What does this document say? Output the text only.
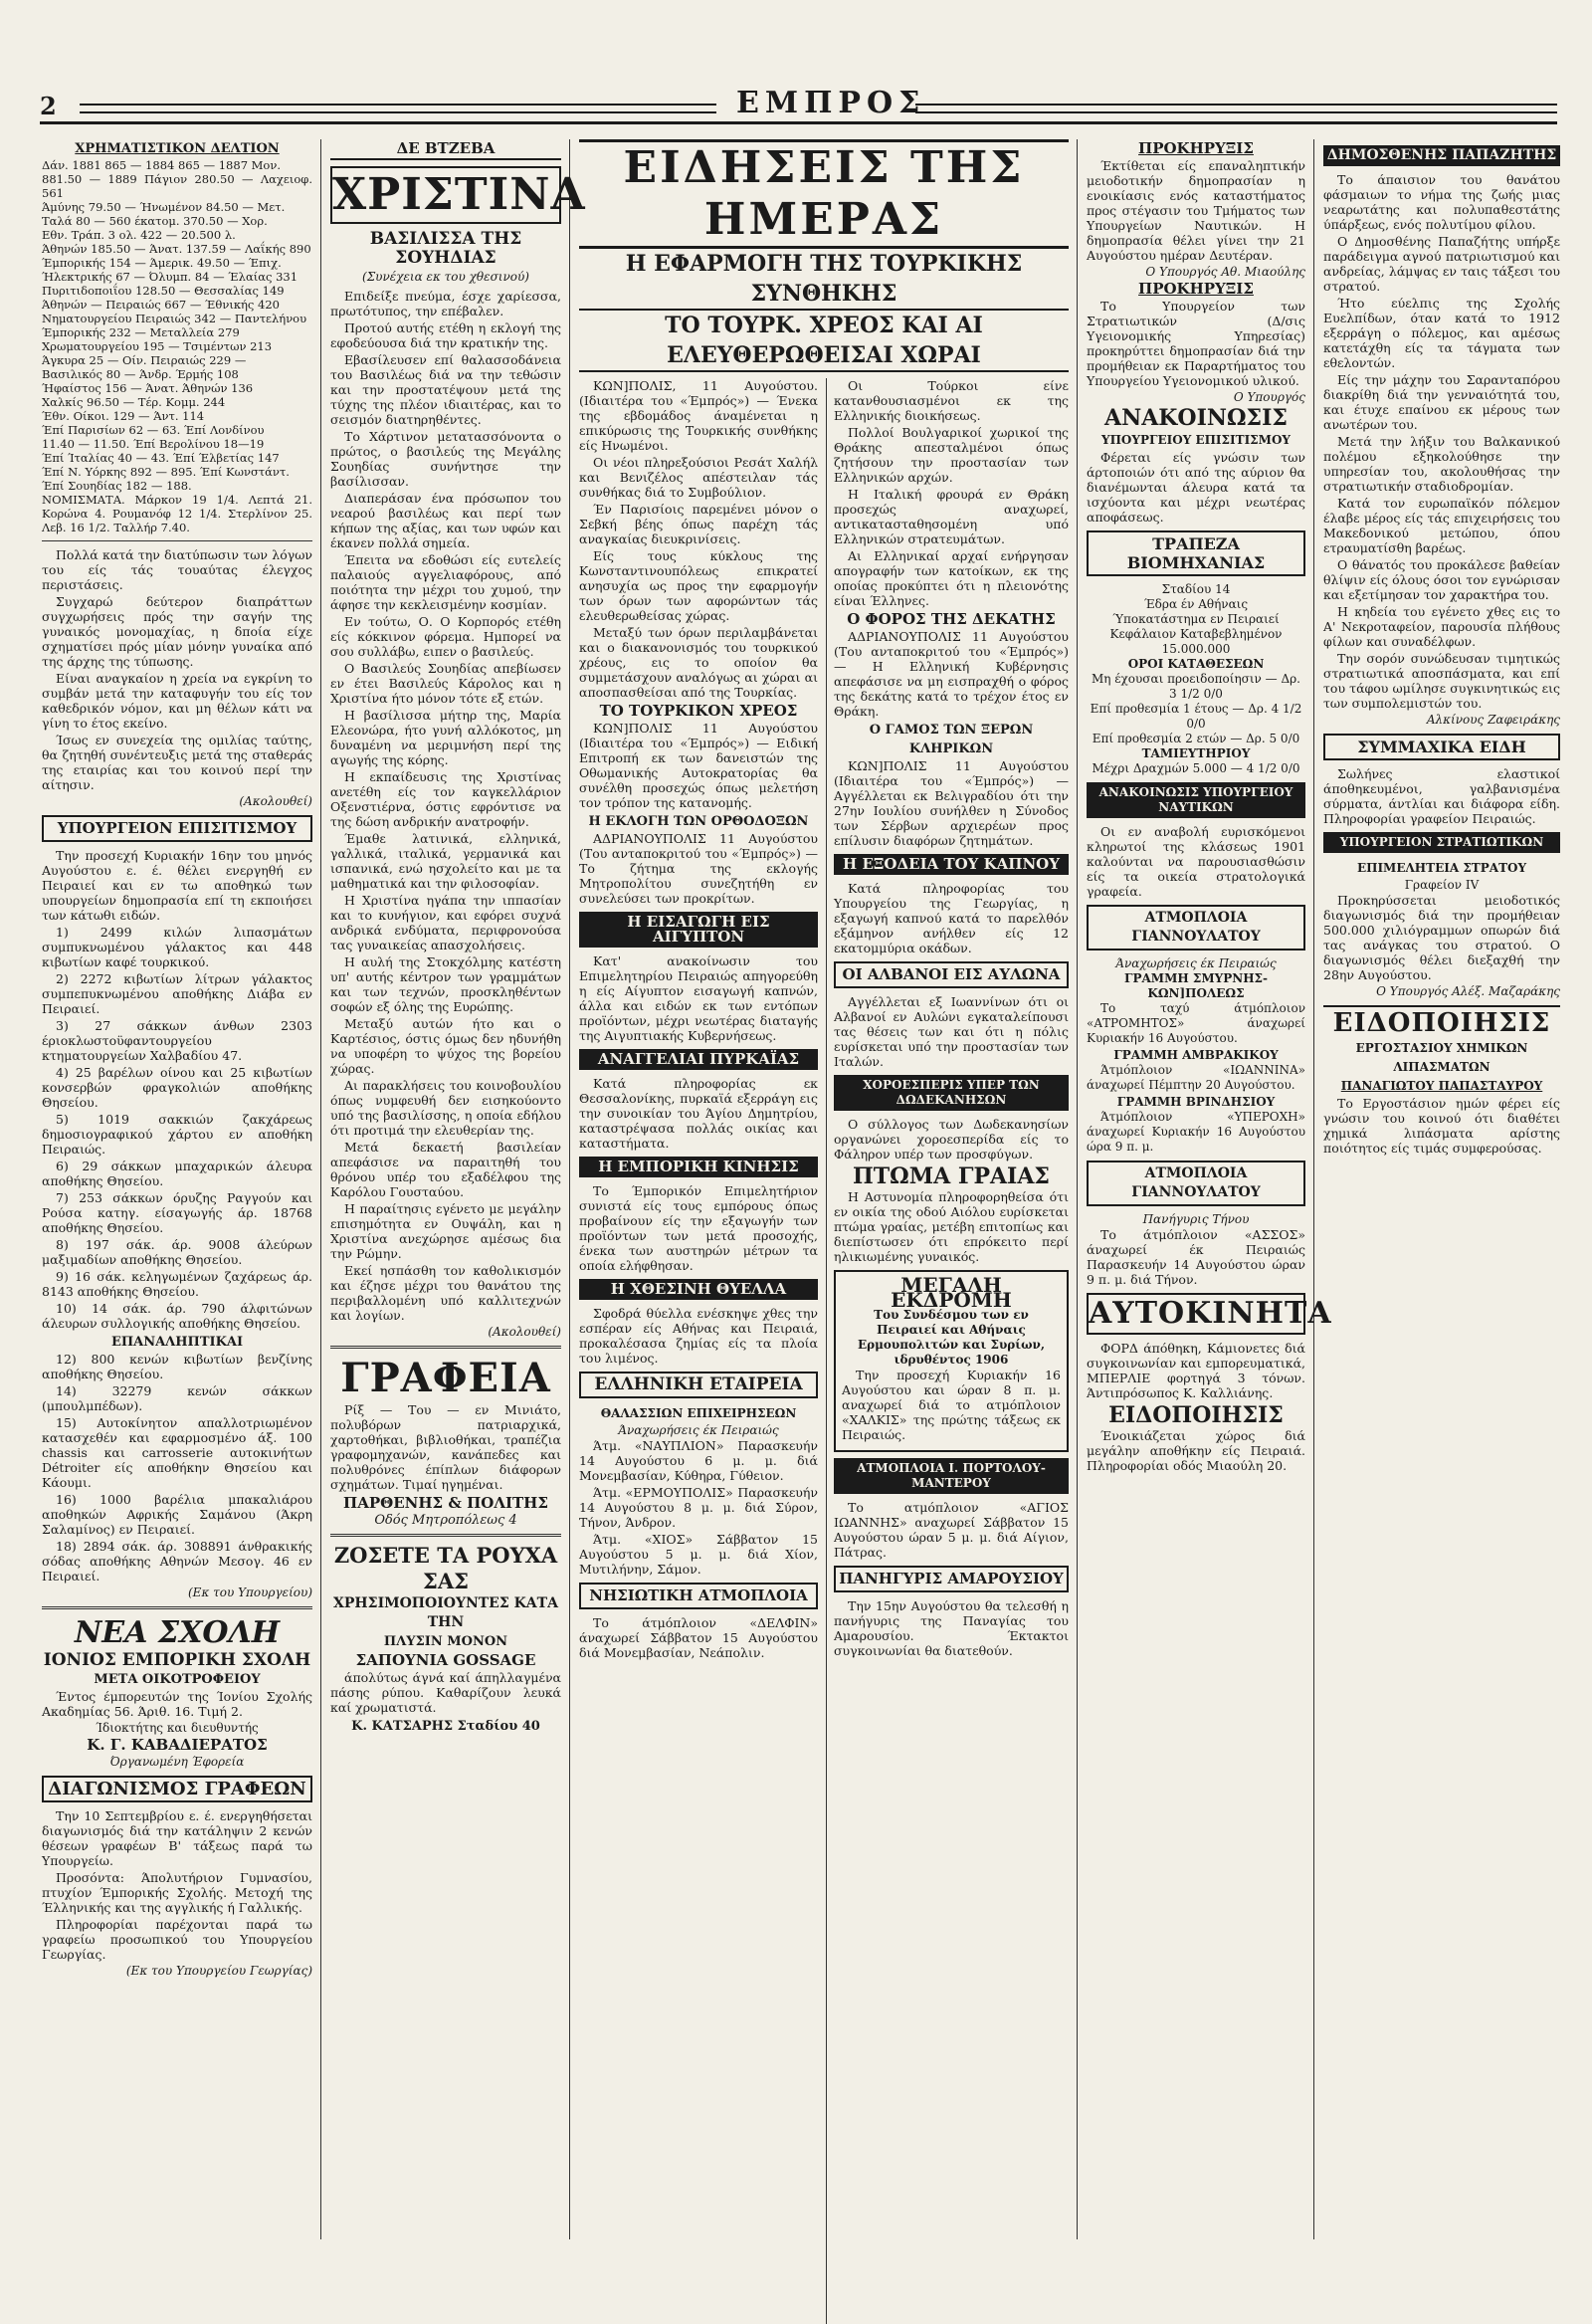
2	ΕΜΠΡΟΣ
ΧΡΗΜΑΤΙΣΤΙΚΟΝ ΔΕΛΤΙΟΝ
Δάν. 1881 865 — 1884 865 — 1887 Μον.
881.50 — 1889 Πάγιον 280.50 — Λαχειοφ. 561
Άμύνης 79.50 — Ήνωμένον 84.50 — Μετ.
Ταλά 80 — 560 έκατομ. 370.50 — Χορ.
Εθν. Τράπ. 3 ολ. 422 — 20.500 λ.
Άθηνών 185.50 — Άνατ. 137.59 — Λαΐκής 890
Έμπορικής 154 — Άμερικ. 49.50 — Έπιχ.
Ήλεκτρικής 67 — Όλυμπ. 84 — Έλαίας 331
Πυριτιδοποιΐου 128.50 — Θεσσαλίας 149
Άθηνών — Πειραιώς 667 — Έθνικής 420
Νηματουργείου Πειραιώς 342 — Παντελήνου
Έμπορικής 232 — Μεταλλεία 279
Χρωματουργείου 195 — Τσιμέντων 213
Άγκυρα 25 — Οίν. Πειραιώς 229 —
Βασιλικός 80 — Άνδρ. Έρμής 108
Ήφαίστος 156 — Άνατ. Άθηνών 136
Χαλκίς 96.50 — Τέρ. Κομμ. 244
Έθν. Οίκοι. 129 — Άντ. 114
Έπί Παρισίων 62 — 63. Έπί Λονδίνου
11.40 — 11.50. Έπί Βερολίνου 18—19
Έπί Ίταλίας 40 — 43. Έπί Έλβετίας 147
Έπί Ν. Υόρκης 892 — 895. Έπί Κωνστάντ.
Έπί Σουηδίας 182 — 188.
ΝΟΜΙΣΜΑΤΑ. Μάρκον 19 1/4. Λεπτά 21. Κορώνα 4. Ρουμανόφ 12 1/4. Στερλίνον 25. Λεβ. 16 1/2. Ταλλήρ 7.40.

Πολλά κατά την διατύπωσιν των λόγων του είς τάς τουαύτας έλεγχος περιστάσεις.

Συγχαρώ δεύτερον διαπράττων συγχωρήσεις πρός την σαγήν της γυναικός μονομαχίας, η δποία είχε σχηματίσει πρός μίαν μόνην γυναίκα από της άρχης της τύπωσης.

Είναι αναγκαίον η χρεία να εγκρίνη το συμβάν μετά την καταφυγήν του είς τον καθεδρικόν νόμον, και μη θέλων κάτι να γίνη το έτος εκείνο.

Ίσως εν συνεχεία της ομιλίας ταύτης, θα ζητηθή συνέντευξις μετά της σταθεράς της εταιρίας και του κοινού περί την αίτησιν.

(Ακολουθεί)
ΥΠΟΥΡΓΕΙΟΝ ΕΠΙΣΙΤΙΣΜΟΥ

Την προσεχή Κυριακήν 16ην του μηνός Αυγούστου ε. έ. θέλει ενεργηθή εν Πειραιεί και εν τω αποθηκώ των υπουργείων δημοπρασία επί τη εκποιήσει των κάτωθι ειδών.

1) 2499 κιλών λιπασμάτων συμπυκνωμένου γάλακτος και 448 κιβωτίων καφέ τουρκικού.

2) 2272 κιβωτίων λίτρων γάλακτος συμπεπυκνωμένου αποθήκης Διάβα εν Πειραιεί.

3) 27 σάκκων άνθων 2303 έριοκλωστοϋφαντουργείου κτηματουργείων Χαλβαδίου 47.

4) 25 βαρέλων οίνου και 25 κιβωτίων κονσερβών φραγκολιών αποθήκης Θησείου.

5) 1019 σακκιών ζακχάρεως δημοσιογραφικού χάρτου εν αποθήκη Πειραιώς.

6) 29 σάκκων μπαχαρικών άλευρα αποθήκης Θησείου.

7) 253 σάκκων όρυζης Ραγγούν και Ρούσα κατηγ. είσαγωγής άρ. 18768 αποθήκης Θησείου.

8) 197 σάκ. άρ. 9008 άλεύρων μαξιμαδίων αποθήκης Θησείου.

9) 16 σάκ. κεληγωμένων ζαχάρεως άρ. 8143 αποθήκης Θησείου.

10) 14 σάκ. άρ. 790 άλφιτώνων άλευρων συλλογικής αποθήκης Θησείου.

ΕΠΑΝΑΛΗΠΤΙΚΑΙ

12) 800 κενών κιβωτίων βενζίνης αποθήκης Θησείου.

14) 32279 κενών σάκκων (μπουλμπέδων).

15) Αυτοκίνητον απαλλοτριωμένον κατασχεθέν και εφαρμοσμένο άξ. 100 chassis και carrosserie αυτοκινήτων Détroiter είς αποθήκην Θησείου και Κάουμι.

16) 1000 βαρέλια μπακαλιάρου αποθηκών Αφρικής Σαμάνου (Άκρη Σαλαμίνος) εν Πειραιεί.

18) 2894 σάκ. άρ. 308891 άνθρακικής σόδας αποθήκης Αθηνών Μεσογ. 46 εν Πειραιεί.

(Εκ του Υπουργείου)
ΝΕΑ ΣΧΟΛΗ
ΙΟΝΙΟΣ ΕΜΠΟΡΙΚΗ ΣΧΟΛΗ
ΜΕΤΑ ΟΙΚΟΤΡΟΦΕΙΟΥ

Έντος έμπορευτών της Ίονίου Σχολής Ακαδημίας 56. Άριθ. 16. Τιμή 2.

Ίδιοκτήτης και διευθυντής
Κ. Γ. ΚΑΒΑΔΙΕΡΑΤΟΣ
Όργανωμένη Έφορεία
ΔΙΑΓΩΝΙΣΜΟΣ ΓΡΑΦΕΩΝ

Την 10 Σεπτεμβρίου ε. έ. ενεργηθήσεται διαγωνισμός διά την κατάληψιν 2 κενών θέσεων γραφέων Β' τάξεως παρά τω Υπουργείω.

Προσόντα: Άπολυτήριον Γυμνασίου, πτυχίον Έμπορικής Σχολής. Μετοχή της Έλληνικής και της αγγλικής ή Γαλλικής.

Πληροφορίαι παρέχονται παρά τω γραφείω προσωπικού του Υπουργείου Γεωργίας.

(Εκ του Υπουργείου Γεωργίας)
ΔΕ ΒΤΖΕΒΑ
ΧΡΙΣΤΙΝΑ
ΒΑΣΙΛΙΣΣΑ ΤΗΣ ΣΟΥΗΔΙΑΣ
(Συνέχεια εκ του χθεσινού)

Επιδείξε πνεύμα, έσχε χαρίεσσα, πρωτότυπος, την επέβαλεν.

Προτού αυτής ετέθη η εκλογή της εφοδεύουσα διά την κρατικήν της.

Εβασίλευσεν επί θαλασσοδάνεια του Βασιλέως διά να την τεθώσιν και την προστατέψουν μετά της τύχης της πλέον ιδιαιτέρας, και το σεισμόν διατηρηθέντες.

Το Χάρτινον μετατασσόνοντα ο πρώτος, ο βασιλεύς της Μεγάλης Σουηδίας συνήντησε την βασίλισσαν.

Διαπεράσαν ένα πρόσωπον του νεαρού βασιλέως και περί των κήπων της αξίας, και των υφών και έκανεν πολλά σημεία.

Έπειτα να εδοθώσι είς ευτελείς παλαιούς αγγελιαφόρους, από ποιότητα την μέχρι του χυμού, την άφησε την κεκλεισμένην κοσμίαν.

Εν τούτω, Ο. Ο Κορπορός ετέθη είς κόκκινον φόρεμα. Ημπορεί να σου συλλάβω, ειπεν ο βασιλεύς.

Ο Βασιλεύς Σουηδίας απεβίωσεν εν έτει Βασιλεύς Κάρολος και η Χριστίνα ήτο μόνον τότε εξ ετών.

Η βασίλισσα μήτηρ της, Μαρία Ελεονώρα, ήτο γυνή αλλόκοτος, μη δυναμένη να μεριμνήση περί της αγωγής της κόρης.

Η εκπαίδευσις της Χριστίνας ανετέθη είς τον καγκελλάριον Οξενστιέρνα, όστις εφρόντισε να της δώση ανδρικήν ανατροφήν.

Έμαθε λατινικά, ελληνικά, γαλλικά, ιταλικά, γερμανικά και ισπανικά, ενώ ησχολείτο και με τα μαθηματικά και την φιλοσοφίαν.

Η Χριστίνα ηγάπα την ιππασίαν και το κυνήγιον, και εφόρει συχνά ανδρικά ενδύματα, περιφρονούσα τας γυναικείας απασχολήσεις.

Η αυλή της Στοκχόλμης κατέστη υπ' αυτής κέντρον των γραμμάτων και των τεχνών, προσκληθέντων σοφών εξ όλης της Ευρώπης.

Μεταξύ αυτών ήτο και ο Καρτέσιος, όστις όμως δεν ηδυνήθη να υποφέρη το ψύχος της βορείου χώρας.

Αι παρακλήσεις του κοινοβουλίου όπως νυμφευθή δεν εισηκούοντο υπό της βασιλίσσης, η οποία εδήλου ότι προτιμά την ελευθερίαν της.

Μετά δεκαετή βασιλείαν απεφάσισε να παραιτηθή του θρόνου υπέρ του εξαδέλφου της Καρόλου Γουσταύου.

Η παραίτησις εγένετο με μεγάλην επισημότητα εν Ουψάλη, και η Χριστίνα ανεχώρησε αμέσως δια την Ρώμην.

Εκεί ησπάσθη τον καθολικισμόν και έζησε μέχρι του θανάτου της περιβαλλομένη υπό καλλιτεχνών και λογίων.

(Ακολουθεί)
ΓΡΑΦΕΙΑ

Ρίξ — Του — εν Μινιάτο, πολυβόρων πατριαρχικά, χαρτοθήκαι, βιβλιοθήκαι, τραπέζια γραφομηχανών, κανάπεδες και πολυθρόνες έπίπλων διάφορων σχημάτων. Τιμαί ηγημέναι.

ΠΑΡΘΕΝΗΣ & ΠΟΛΙΤΗΣ
Οδός Μητροπόλεως 4
ΖΟΣΕΤΕ ΤΑ ΡΟΥΧΑ ΣΑΣ
ΧΡΗΣΙΜΟΠΟΙΟΥΝΤΕΣ ΚΑΤΑ ΤΗΝ
ΠΛΥΣΙΝ ΜΟΝΟΝ
ΣΑΠΟΥΝΙΑ GOSSAGE

άπολύτως άγνά καί άπηλλαγμένα πάσης ρύπου. Καθαρίζουν λευκά καί χρωματιστά.

Κ. ΚΑΤΣΑΡΗΣ Σταδίου 40
ΕΙΔΗΣΕΙΣ ΤΗΣ ΗΜΕΡΑΣ
Η ΕΦΑΡΜΟΓΗ ΤΗΣ ΤΟΥΡΚΙΚΗΣ ΣΥΝΘΗΚΗΣ
ΤΟ ΤΟΥΡΚ. ΧΡΕΟΣ ΚΑΙ ΑΙ ΕΛΕΥΘΕΡΩΘΕΙΣΑΙ ΧΩΡΑΙ

ΚΩΝ]ΠΟΛΙΣ, 11 Αυγούστου. (Ιδιαιτέρα του «Έμπρός») — Ένεκα της εβδομάδος άναμένεται η επικύρωσις της Τουρκικής συνθήκης είς Ηνωμένοι.

Οι νέοι πληρεξούσιοι Ρεσάτ Χαλήλ και Βενιζέλος απέστειλαν τάς συνθήκας διά το Συμβούλιον.

Έν Παρισίοις παρεμένει μόνον ο Σεβκή βέης όπως παρέχη τάς αναγκαίας διευκρινίσεις.

Είς τους κύκλους της Κωνσταντινουπόλεως επικρατεί ανησυχία ως προς την εφαρμογήν των όρων των αφορώντων τάς ελευθερωθείσας χώρας.

Μεταξύ των όρων περιλαμβάνεται και ο διακανονισμός του τουρκικού χρέους, εις το οποίον θα συμμετάσχουν αναλόγως αι χώραι αι αποσπασθείσαι από της Τουρκίας.

ΤΟ ΤΟΥΡΚΙΚΟΝ ΧΡΕΟΣ

ΚΩΝ]ΠΟΛΙΣ 11 Αυγούστου (Ιδιαιτέρα του «Έμπρός») — Ειδική Επιτροπή εκ των δανειστών της Οθωμανικής Αυτοκρατορίας θα συνέλθη προσεχώς όπως μελετήση τον τρόπον της κατανομής.

Η ΕΚΛΟΓΗ ΤΩΝ ΟΡΘΟΔΟΞΩΝ

ΑΔΡΙΑΝΟΥΠΟΛΙΣ 11 Αυγούστου (Του ανταποκριτού του «Έμπρός») — Το ζήτημα της εκλογής Μητροπολίτου συνεζητήθη εν συνελεύσει των προκρίτων.

Η ΕΙΣΑΓΩΓΗ ΕΙΣ ΑΙΓΥΠΤΟΝ

Κατ' ανακοίνωσιν του Επιμελητηρίου Πειραιώς απηγορεύθη η είς Αίγυπτον εισαγωγή καπνών, άλλα και ειδών εκ των εντόπων προϊόντων, μέχρι νεωτέρας διαταγής της Αιγυπτιακής Κυβερνήσεως.

ΑΝΑΓΓΕΛΙΑΙ ΠΥΡΚΑΪΑΣ

Κατά πληροφορίας εκ Θεσσαλονίκης, πυρκαϊά εξερράγη εις την συνοικίαν του Άγίου Δημητρίου, καταστρέψασα πολλάς οικίας και καταστήματα.

Η ΕΜΠΟΡΙΚΗ ΚΙΝΗΣΙΣ

Το Έμπορικόν Επιμελητήριον συνιστά είς τους εμπόρους όπως προβαίνουν είς την εξαγωγήν των προϊόντων των μετά προσοχής, ένεκα των αυστηρών μέτρων τα οποία ελήφθησαν.

Η ΧΘΕΣΙΝΗ ΘΥΕΛΛΑ

Σφοδρά θύελλα ενέσκηψε χθες την εσπέραν είς Αθήνας και Πειραιά, προκαλέσασα ζημίας είς τα πλοία του λιμένος.

ΕΛΛΗΝΙΚΗ ΕΤΑΙΡΕΙΑ
ΘΑΛΑΣΣΙΩΝ ΕΠΙΧΕΙΡΗΣΕΩΝ
Άναχωρήσεις έκ Πειραιώς

Άτμ. «ΝΑΥΠΛΙΟΝ» Παρασκευήν 14 Αυγούστου 6 μ. μ. διά Μονεμβασίαν, Κύθηρα, Γύθειον.

Άτμ. «ΕΡΜΟΥΠΟΛΙΣ» Παρασκευήν 14 Αυγούστου 8 μ. μ. διά Σύρον, Τήνον, Άνδρον.

Άτμ. «ΧΙΟΣ» Σάββατον 15 Αυγούστου 5 μ. μ. διά Χίον, Μυτιλήνην, Σάμον.

ΝΗΣΙΩΤΙΚΗ ΑΤΜΟΠΛΟΙΑ

Το άτμόπλοιον «ΔΕΛΦΙΝ» άναχωρεί Σάββατον 15 Αυγούστου διά Μονεμβασίαν, Νεάπολιν.

Οι Τούρκοι είνε κατανθουσιασμένοι εκ της Ελληνικής διοικήσεως.

Πολλοί Βουλγαρικοί χωρικοί της Θράκης απεσταλμένοι όπως ζητήσουν την προστασίαν των Ελληνικών αρχών.

Η Ιταλική φρουρά εν Θράκη προσεχώς αναχωρεί, αντικατασταθησομένη υπό Ελληνικών στρατευμάτων.

Αι Ελληνικαί αρχαί ενήργησαν απογραφήν των κατοίκων, εκ της οποίας προκύπτει ότι η πλειονότης είναι Έλληνες.

Ο ΦΟΡΟΣ ΤΗΣ ΔΕΚΑΤΗΣ

ΑΔΡΙΑΝΟΥΠΟΛΙΣ 11 Αυγούστου (Του ανταποκριτού του «Έμπρός») — Η Ελληνική Κυβέρνησις απεφάσισε να μη εισπραχθή ο φόρος της δεκάτης κατά το τρέχον έτος εν Θράκη.

Ο ΓΑΜΟΣ ΤΩΝ ΞΕΡΩΝ ΚΛΗΡΙΚΩΝ

ΚΩΝ]ΠΟΛΙΣ 11 Αυγούστου (Ιδιαιτέρα του «Έμπρός») — Αγγέλλεται εκ Βελιγραδίου ότι την 27ην Ιουλίου συνήλθεν η Σύνοδος των Σέρβων αρχιερέων προς επίλυσιν διαφόρων ζητημάτων.

Η ΕΞΟΔΕΙΑ ΤΟΥ ΚΑΠΝΟΥ

Κατά πληροφορίας του Υπουργείου της Γεωργίας, η εξαγωγή καπνού κατά το παρελθόν εξάμηνον ανήλθεν είς 12 εκατομμύρια οκάδων.

ΟΙ ΑΛΒΑΝΟΙ ΕΙΣ ΑΥΛΩΝΑ

Αγγέλλεται εξ Ιωαννίνων ότι οι Αλβανοί εν Αυλώνι εγκαταλείπουσι τας θέσεις των και ότι η πόλις ευρίσκεται υπό την προστασίαν των Ιταλών.

ΧΟΡΟΕΣΠΕΡΙΣ ΥΠΕΡ ΤΩΝ ΔΩΔΕΚΑΝΗΣΩΝ

Ο σύλλογος των Δωδεκανησίων οργανώνει χοροεσπερίδα είς το Φάληρον υπέρ των προσφύγων.

ΠΤΩΜΑ ΓΡΑΙΑΣ

Η Αστυνομία πληροφορηθείσα ότι εν οικία της οδού Αιόλου ευρίσκεται πτώμα γραίας, μετέβη επιτοπίως και διεπίστωσεν ότι επρόκειτο περί ηλικιωμένης γυναικός.

ΜΕΓΑΛΗ ΕΚΔΡΟΜΗ
Του Συνδέσμου των εν Πειραιεί και Αθήναις Ερμουπολιτών και Συρίων, ιδρυθέντος 1906

Την προσεχή Κυριακήν 16 Αυγούστου και ώραν 8 π. μ. αναχωρεί διά το ατμόπλοιον «ΧΑΛΚΙΣ» της πρώτης τάξεως εκ Πειραιώς.

ΑΤΜΟΠΛΟΙΑ Ι. ΠΟΡΤΟΛΟΥ-ΜΑΝΤΕΡΟΥ

Το ατμόπλοιον «ΑΓΙΟΣ ΙΩΑΝΝΗΣ» αναχωρεί Σάββατον 15 Αυγούστου ώραν 5 μ. μ. διά Αίγιον, Πάτρας.

ΠΑΝΗΓΥΡΙΣ ΑΜΑΡΟΥΣΙΟΥ

Την 15ην Αυγούστου θα τελεσθή η πανήγυρις της Παναγίας του Αμαρουσίου. Έκτακτοι συγκοινωνίαι θα διατεθούν.

ΠΡΟΚΗΡΥΞΙΣ

Έκτίθεται είς επαναληπτικήν μειοδοτικήν δημοπρασίαν η ενοικίασις ενός καταστήματος προς στέγασιν του Τμήματος των Υπουργείων Ναυτικών. Η δημοπρασία θέλει γίνει την 21 Αυγούστου ημέραν Δευτέραν.

Ο Υπουργός Αθ. Μιαούλης
ΠΡΟΚΗΡΥΞΙΣ

Το Υπουργείον των Στρατιωτικών (Δ/σις Υγειονομικής Υπηρεσίας) προκηρύττει δημοπρασίαν διά την προμήθειαν εκ Παραρτήματος του Υπουργείου Υγειονομικού υλικού.

Ο Υπουργός
ΑΝΑΚΟΙΝΩΣΙΣ
ΥΠΟΥΡΓΕΙΟΥ ΕΠΙΣΙΤΙΣΜΟΥ

Φέρεται είς γνώσιν των άρτοποιών ότι από της αύριον θα διανέμωνται άλευρα κατά τα ισχύοντα και μέχρι νεωτέρας αποφάσεως.

ΤΡΑΠΕΖΑ ΒΙΟΜΗΧΑΝΙΑΣ
Σταδίου 14
Έδρα έν Αθήναις
Ύποκατάστημα εν Πειραιεί
Κεφάλαιον Καταβεβλημένον 15.000.000
ΟΡΟΙ ΚΑΤΑΘΕΣΕΩΝ
Μη έχουσαι προειδοποίησιν — Δρ. 3 1/2 0/0
Επί προθεσμία 1 έτους — Δρ. 4 1/2 0/0
Επί προθεσμία 2 ετών — Δρ. 5 0/0
ΤΑΜΙΕΥΤΗΡΙΟΥ
Μέχρι Δραχμών 5.000 — 4 1/2 0/0
ΑΝΑΚΟΙΝΩΣΙΣ ΥΠΟΥΡΓΕΙΟΥ ΝΑΥΤΙΚΩΝ

Οι εν αναβολή ευρισκόμενοι κληρωτοί της κλάσεως 1901 καλούνται να παρουσιασθώσιν είς τα οικεία στρατολογικά γραφεία.

ΑΤΜΟΠΛΟΙΑ ΓΙΑΝΝΟΥΛΑΤΟΥ
Άναχωρήσεις έκ Πειραιώς
ΓΡΑΜΜΗ ΣΜΥΡΝΗΣ-ΚΩΝ]ΠΟΛΕΩΣ

Το ταχύ άτμόπλοιον «ΑΤΡΟΜΗΤΟΣ» άναχωρεί Κυριακήν 16 Αυγούστου.

ΓΡΑΜΜΗ ΑΜΒΡΑΚΙΚΟΥ

Άτμόπλοιον «ΙΩΑΝΝΙΝΑ» άναχωρεί Πέμπτην 20 Αυγούστου.

ΓΡΑΜΜΗ ΒΡΙΝΔΗΣΙΟΥ

Άτμόπλοιον «ΥΠΕΡΟΧΗ» άναχωρεί Κυριακήν 16 Αυγούστου ώρα 9 π. μ.

ΑΤΜΟΠΛΟΙΑ ΓΙΑΝΝΟΥΛΑΤΟΥ
Πανήγυρις Τήνου

Το άτμόπλοιον «ΑΣΣΟΣ» άναχωρεί έκ Πειραιώς Παρασκευήν 14 Αυγούστου ώραν 9 π. μ. διά Τήνον.

ΑΥΤΟΚΙΝΗΤΑ

ΦΟΡΔ άπόθηκη, Κάμιονετες διά συγκοινωνίαν και εμπορευματικά, ΜΠΕΡΛΙΕ φορτηγά 3 τόνων. Άντιπρόσωπος Κ. Καλλιάνης.

ΕΙΔΟΠΟΙΗΣΙΣ

Ένοικιάζεται χώρος διά μεγάλην αποθήκην είς Πειραιά. Πληροφορίαι οδός Μιαούλη 20.

ΔΗΜΟΣΘΕΝΗΣ ΠΑΠΑΖΗΤΗΣ

Το άπαισιον του θανάτου φάσμαιων το νήμα της ζωής μιας νεαρωτάτης και πολυπαθεστάτης ύπάρξεως, ενός πολυτίμου φίλου.

Ο Δημοσθένης Παπαζήτης υπήρξε παράδειγμα αγνού πατριωτισμού και ανδρείας, λάμψας εν ταις τάξεσι του στρατού.

Ήτο εύελπις της Σχολής Ευελπίδων, όταν κατά το 1912 εξερράγη ο πόλεμος, και αμέσως κατετάχθη είς τα τάγματα των εθελοντών.

Είς την μάχην του Σαρανταπόρου διακρίθη διά την γενναιότητά του, και έτυχε επαίνου εκ μέρους των ανωτέρων του.

Μετά την λήξιν του Βαλκανικού πολέμου εξηκολούθησε την υπηρεσίαν του, ακολουθήσας την στρατιωτικήν σταδιοδρομίαν.

Κατά τον ευρωπαϊκόν πόλεμον έλαβε μέρος είς τάς επιχειρήσεις του Μακεδονικού μετώπου, όπου ετραυματίσθη βαρέως.

Ο θάνατός του προκάλεσε βαθείαν θλίψιν είς όλους όσοι τον εγνώρισαν και εξετίμησαν τον χαρακτήρα του.

Η κηδεία του εγένετο χθες εις το Α' Νεκροταφείον, παρουσία πλήθους φίλων και συναδέλφων.

Την σορόν συνώδευσαν τιμητικώς στρατιωτικά αποσπάσματα, και επί του τάφου ωμίλησε συγκινητικώς εις των συμπολεμιστών του.

Αλκίνους Ζαφειράκης
ΣΥΜΜΑΧΙΚΑ ΕΙΔΗ

Σωλήνες ελαστικοί άποθηκευμένοι, γαλβανισμένα σύρματα, άντλίαι και διάφορα είδη. Πληροφορίαι γραφείον Πειραιώς.

ΥΠΟΥΡΓΕΙΟΝ ΣΤΡΑΤΙΩΤΙΚΩΝ
ΕΠΙΜΕΛΗΤΕΙΑ ΣΤΡΑΤΟΥ
Γραφείον IV

Προκηρύσσεται μειοδοτικός διαγωνισμός διά την προμήθειαν 500.000 χιλιόγραμμων οπωρών διά τας ανάγκας του στρατού. Ο διαγωνισμός θέλει διεξαχθή την 28ην Αυγούστου.

Ο Υπουργός Αλέξ. Μαζαράκης
ΕΙΔΟΠΟΙΗΣΙΣ
ΕΡΓΟΣΤΑΣΙΟΥ ΧΗΜΙΚΩΝ ΛΙΠΑΣΜΑΤΩΝ
ΠΑΝΑΓΙΩΤΟΥ ΠΑΠΑΣΤΑΥΡΟΥ

Το Εργοστάσιον ημών φέρει είς γνώσιν του κοινού ότι διαθέτει χημικά λιπάσματα αρίστης ποιότητος είς τιμάς συμφερούσας.
